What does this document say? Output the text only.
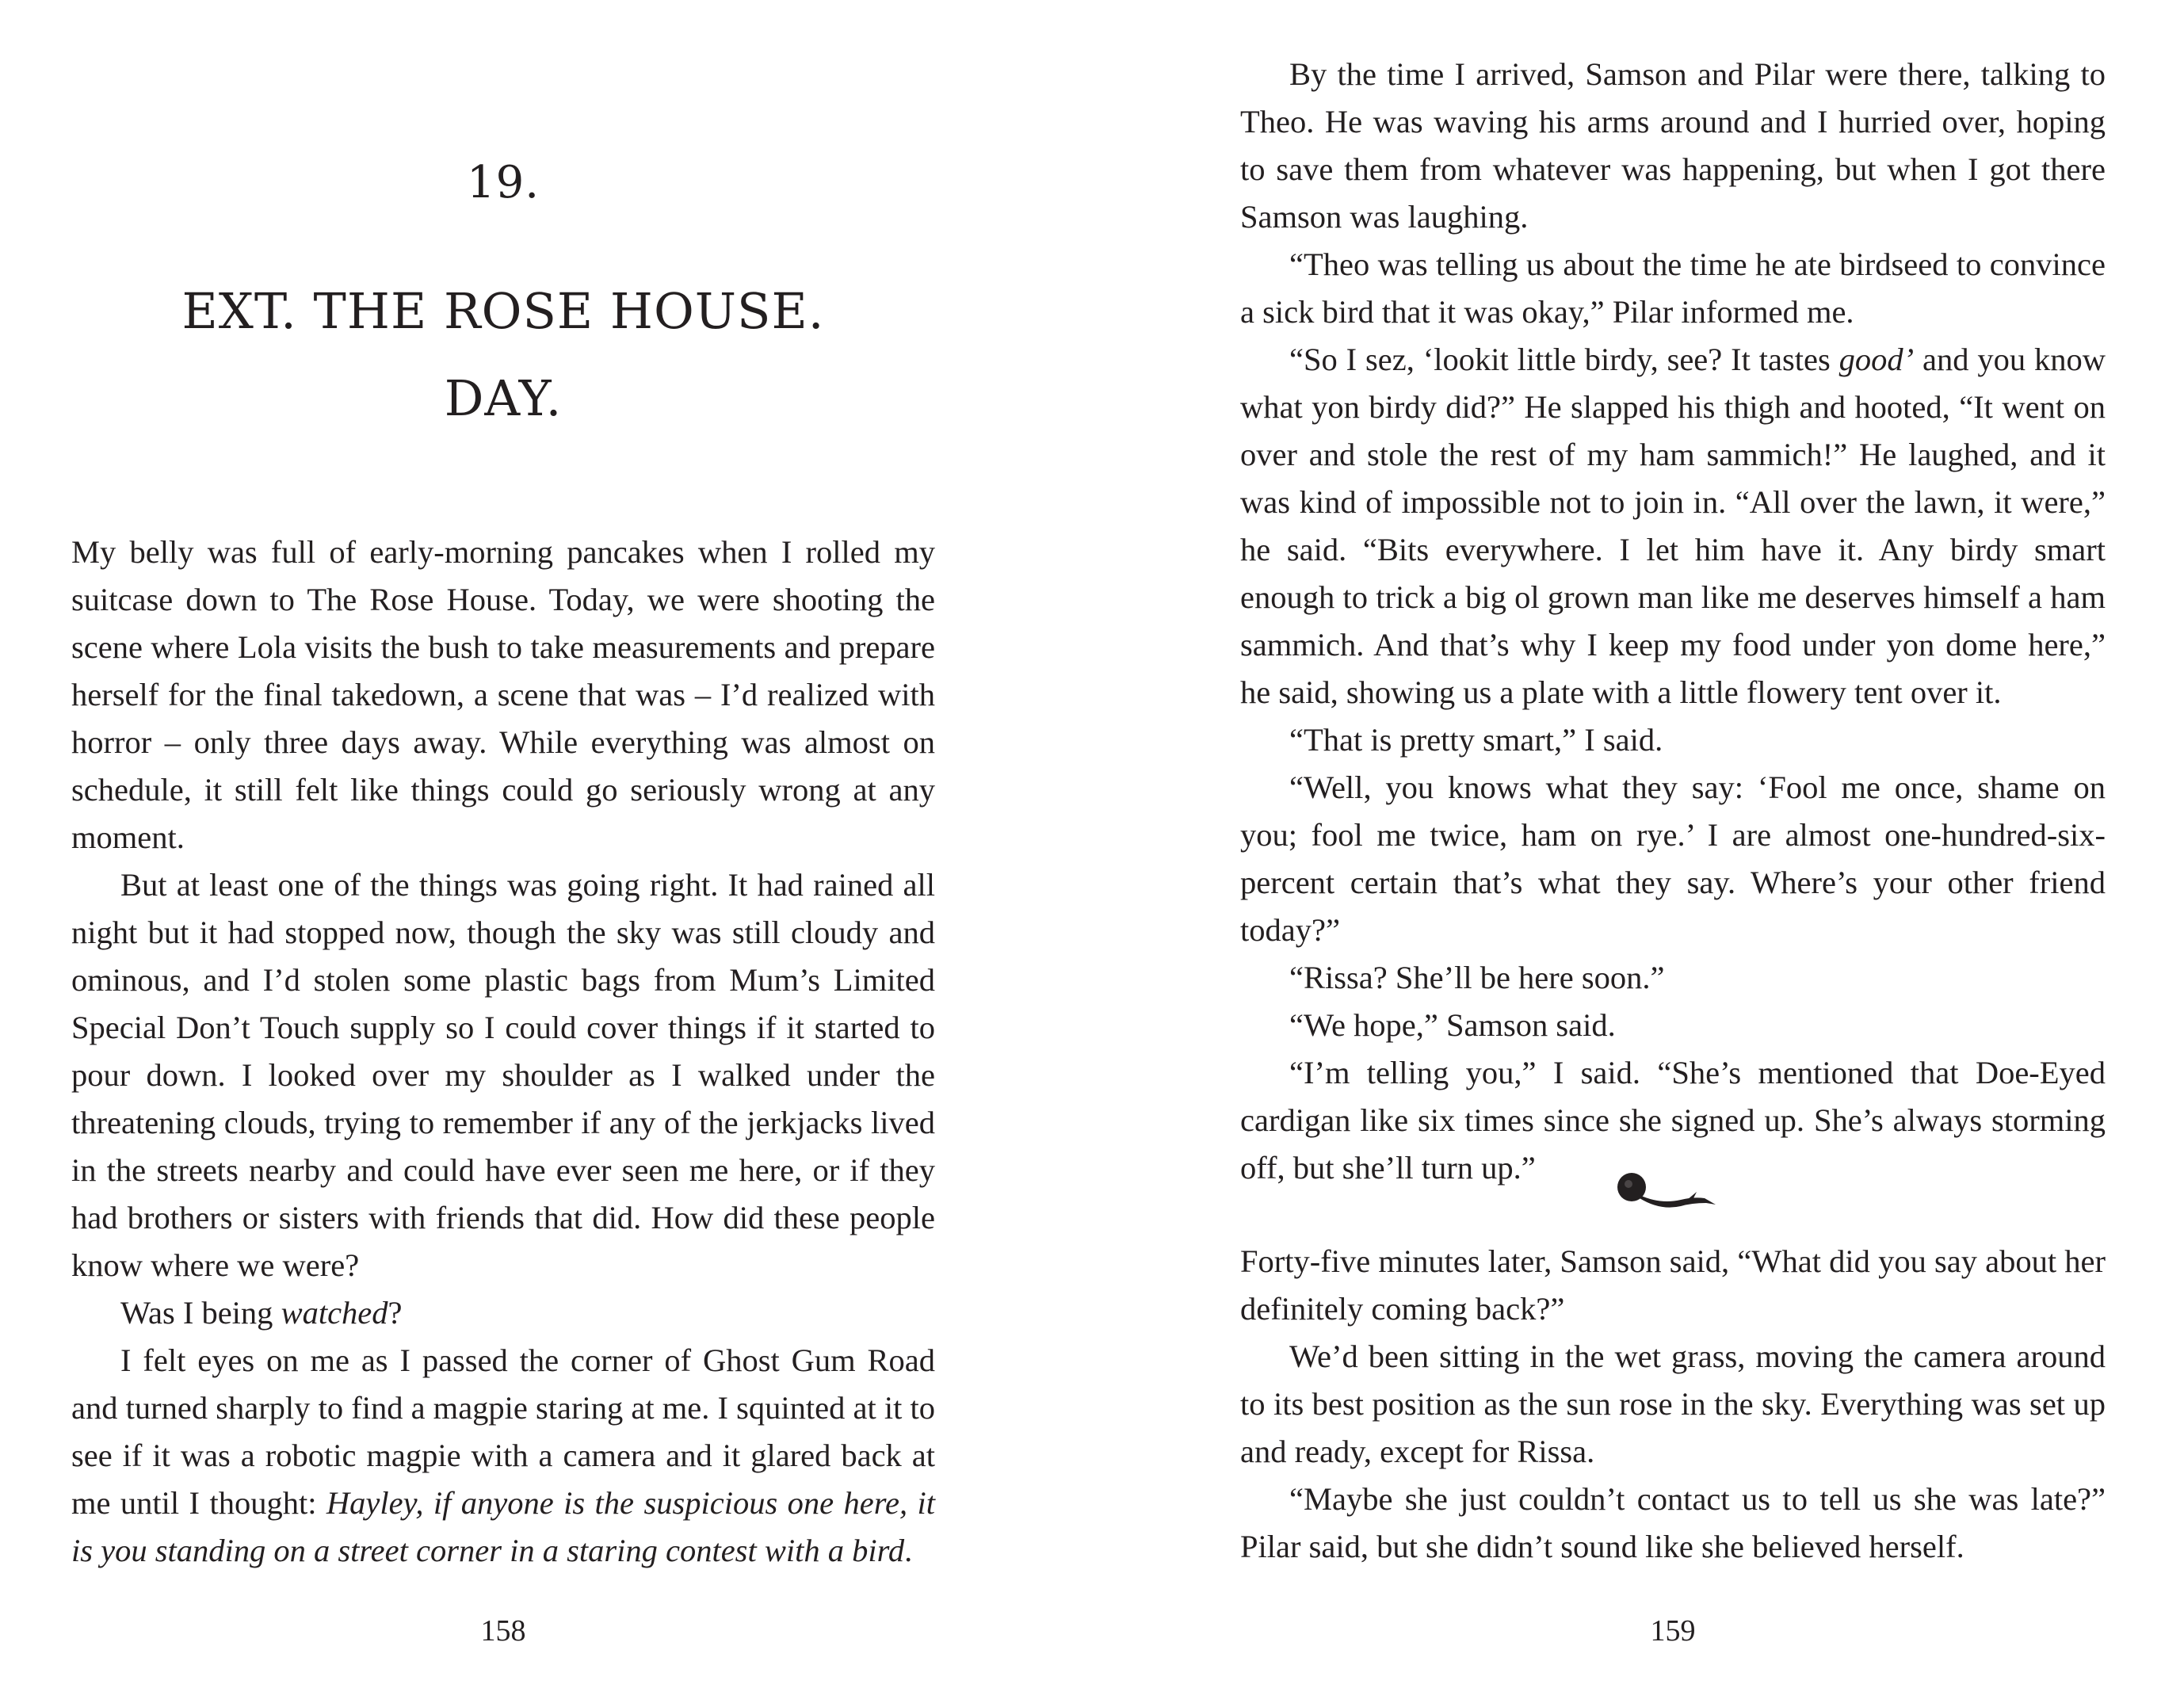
19.
EXT. THE ROSE HOUSE.
DAY.

My belly was full of early-morning pancakes when I rolled my suitcase down to The Rose House. Today, we were shooting the scene where Lola visits the bush to take measurements and prepare herself for the final takedown, a scene that was – I’d realized with horror – only three days away. While everything was almost on schedule, it still felt like things could go seriously wrong at any moment.

But at least one of the things was going right. It had rained all night but it had stopped now, though the sky was still cloudy and ominous, and I’d stolen some plastic bags from Mum’s Limited Special Don’t Touch supply so I could cover things if it started to pour down. I looked over my shoulder as I walked under the threatening clouds, trying to remember if any of the jerkjacks lived in the streets nearby and could have ever seen me here, or if they had brothers or sisters with friends that did. How did these people know where we were?

Was I being watched?

I felt eyes on me as I passed the corner of Ghost Gum Road and turned sharply to find a magpie staring at me. I squinted at it to see if it was a robotic magpie with a camera and it glared back at me until I thought: Hayley, if anyone is the suspicious one here, it is you standing on a street corner in a staring contest with a bird.

158

By the time I arrived, Samson and Pilar were there, talking to Theo. He was waving his arms around and I hurried over, hoping to save them from whatever was happening, but when I got there Samson was laughing.

“Theo was telling us about the time he ate birdseed to convince a sick bird that it was okay,” Pilar informed me.

“So I sez, ‘lookit little birdy, see? It tastes good’ and you know what yon birdy did?” He slapped his thigh and hooted, “It went on over and stole the rest of my ham sammich!” He laughed, and it was kind of impossible not to join in. “All over the lawn, it were,” he said. “Bits everywhere. I let him have it. Any birdy smart enough to trick a big ol grown man like me deserves himself a ham sammich. And that’s why I keep my food under yon dome here,” he said, showing us a plate with a little flowery tent over it.

“That is pretty smart,” I said.

“Well, you knows what they say: ‘Fool me once, shame on you; fool me twice, ham on rye.’ I are almost one-hundred-six-percent certain that’s what they say. Where’s your other friend today?”

“Rissa? She’ll be here soon.”

“We hope,” Samson said.

“I’m telling you,” I said. “She’s mentioned that Doe-Eyed cardigan like six times since she signed up. She’s always storming off, but she’ll turn up.”

Forty-five minutes later, Samson said, “What did you say about her definitely coming back?”

We’d been sitting in the wet grass, moving the camera around to its best position as the sun rose in the sky. Everything was set up and ready, except for Rissa.

“Maybe she just couldn’t contact us to tell us she was late?” Pilar said, but she didn’t sound like she believed herself.

159
